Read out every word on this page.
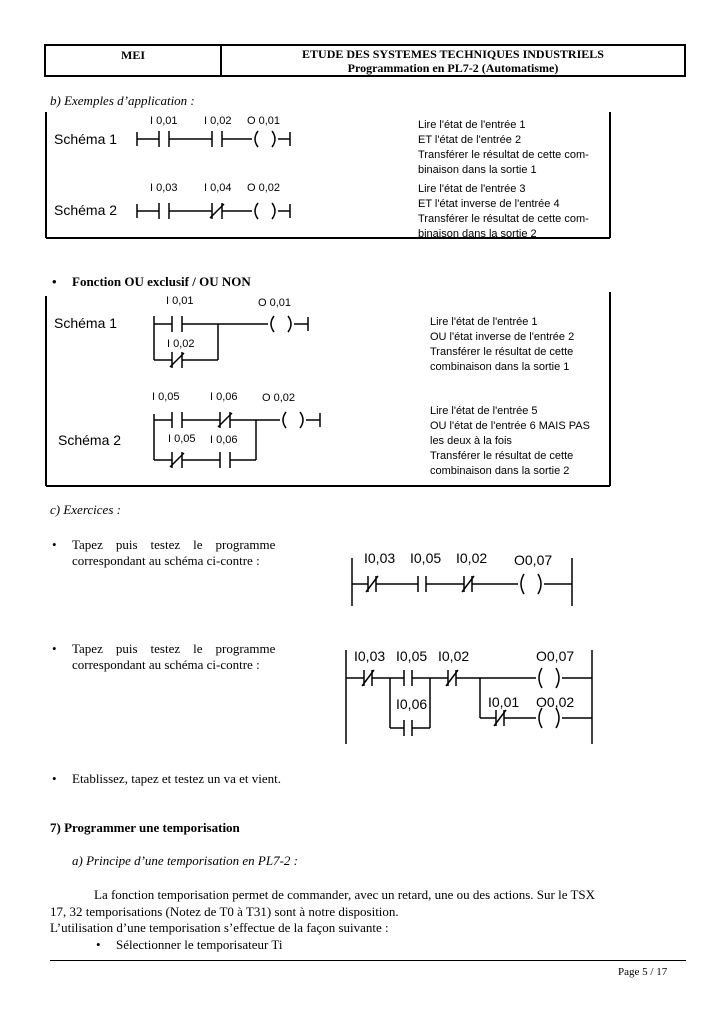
MEI	ETUDE DES SYSTEMES TECHNIQUES INDUSTRIELS
Programmation en PL7-2 (Automatisme)
b) Exemples d’application :
Schéma 1
I 0,01 I 0,02 O 0,01	Lire l'état de l'entrée 1
ET l'état de l'entrée 2
Transférer le résultat de cette com-
binaison dans la sortie 1
Schéma 2
I 0,03 I 0,04 O 0,02	Lire l'état de l'entrée 3
ET l'état inverse de l'entrée 4
Transférer le résultat de cette com-
binaison dans la sortie 2
• Fonction OU exclusif / OU NON
I 0,01	O 0,01
I 0,02
Schéma 1	Lire l'état de l'entrée 1
OU l'état inverse de l'entrée 2
Transférer le résultat de cette
combinaison dans la sortie 1
I 0,05	I 0,06 O 0,02
I 0,05 I 0,06
Schéma 2
Lire l'état de l'entrée 5
OU l'état de l'entrée 6 MAIS PAS
les deux à la fois
Transférer le résultat de cette
combinaison dans la sortie 2
c) Exercices :
• Tapez    puis    testez    le    programme
correspondant au schéma ci-contre :	I0,03 I0,05 I0,02 O0,07
• Tapez    puis    testez    le    programme
correspondant au schéma ci-contre :
I0,03 I0,05 I0,02	O0,07
I0,06	I0,01 O0,02
• Etablissez, tapez et testez un va et vient.
7) Programmer une temporisation
a) Principe d’une temporisation en PL7-2 :
La fonction temporisation permet de commander, avec un retard, une ou des actions. Sur le TSX
17, 32 temporisations (Notez de T0 à T31) sont à notre disposition.
L’utilisation d’une temporisation s’effectue de la façon suivante :
• Sélectionner le temporisateur Ti
Page 5 / 17
